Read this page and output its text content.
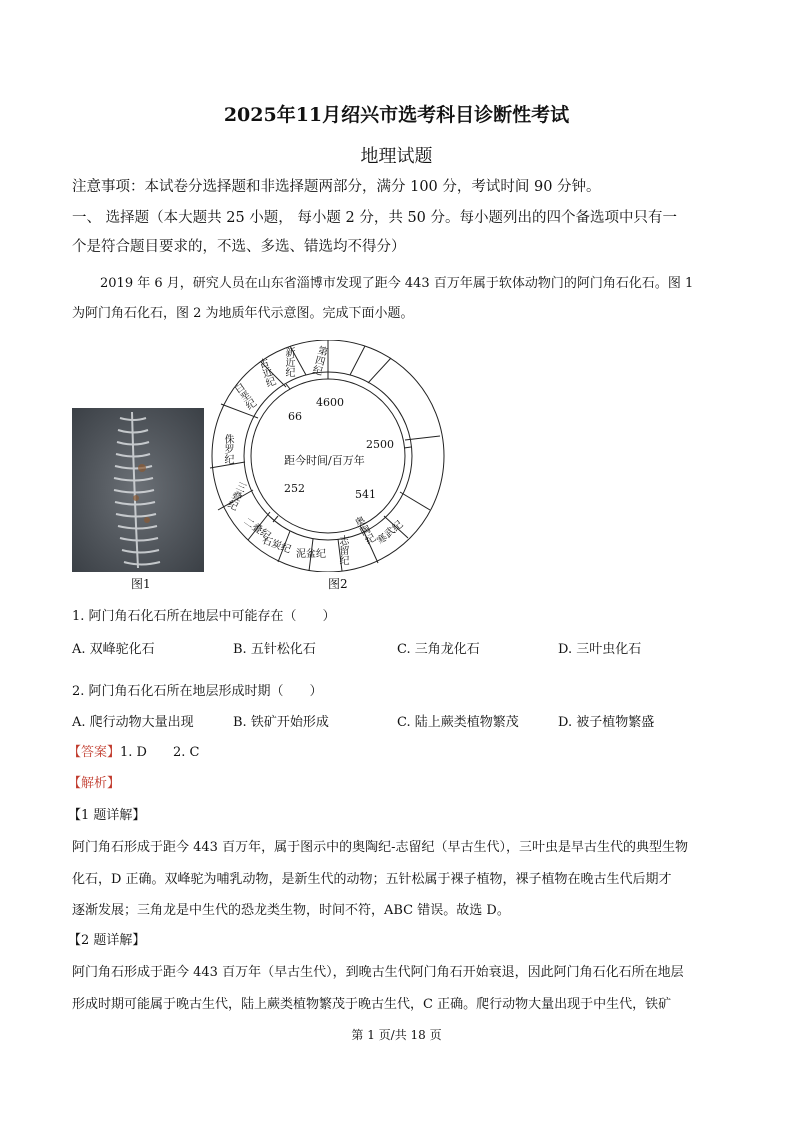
2025年11月绍兴市选考科目诊断性考试
地理试题
注意事项：本试卷分选择题和非选择题两部分，满分 100 分，考试时间 90 分钟。
一、 选择题（本大题共 25 小题， 每小题 2 分，共 50 分。每小题列出的四个备选项中只有一
个是符合题目要求的，不选、多选、错选均不得分）
2019 年 6 月，研究人员在山东省淄博市发现了距今 443 百万年属于软体动物门的阿门角石化石。图 1
为阿门角石化石，图 2 为地质年代示意图。完成下面小题。
图1
距今时间/百万年
4600
2500
541
252
66
第四纪
新近纪
古近纪
白垩纪
侏罗纪
三叠纪
二叠纪
石炭纪 泥盆纪 志留纪
奥陶纪 寒武纪
图2
1. 阿门角石化石所在地层中可能存在（　　）
A. 双峰驼化石	B. 五针松化石	C. 三角龙化石	D. 三叶虫化石
2. 阿门角石化石所在地层形成时期（　　）
A. 爬行动物大量出现	B. 铁矿开始形成	C. 陆上蕨类植物繁茂	D. 被子植物繁盛
【答案】1. D　　2. C
【解析】
【1 题详解】
阿门角石形成于距今 443 百万年，属于图示中的奥陶纪-志留纪（早古生代），三叶虫是早古生代的典型生物
化石，D 正确。双峰驼为哺乳动物，是新生代的动物；五针松属于裸子植物，裸子植物在晚古生代后期才
逐渐发展；三角龙是中生代的恐龙类生物，时间不符，ABC 错误。故选 D。
【2 题详解】
阿门角石形成于距今 443 百万年（早古生代），到晚古生代阿门角石开始衰退，因此阿门角石化石所在地层
形成时期可能属于晚古生代，陆上蕨类植物繁茂于晚古生代，C 正确。爬行动物大量出现于中生代，铁矿
第 1 页/共 18 页
